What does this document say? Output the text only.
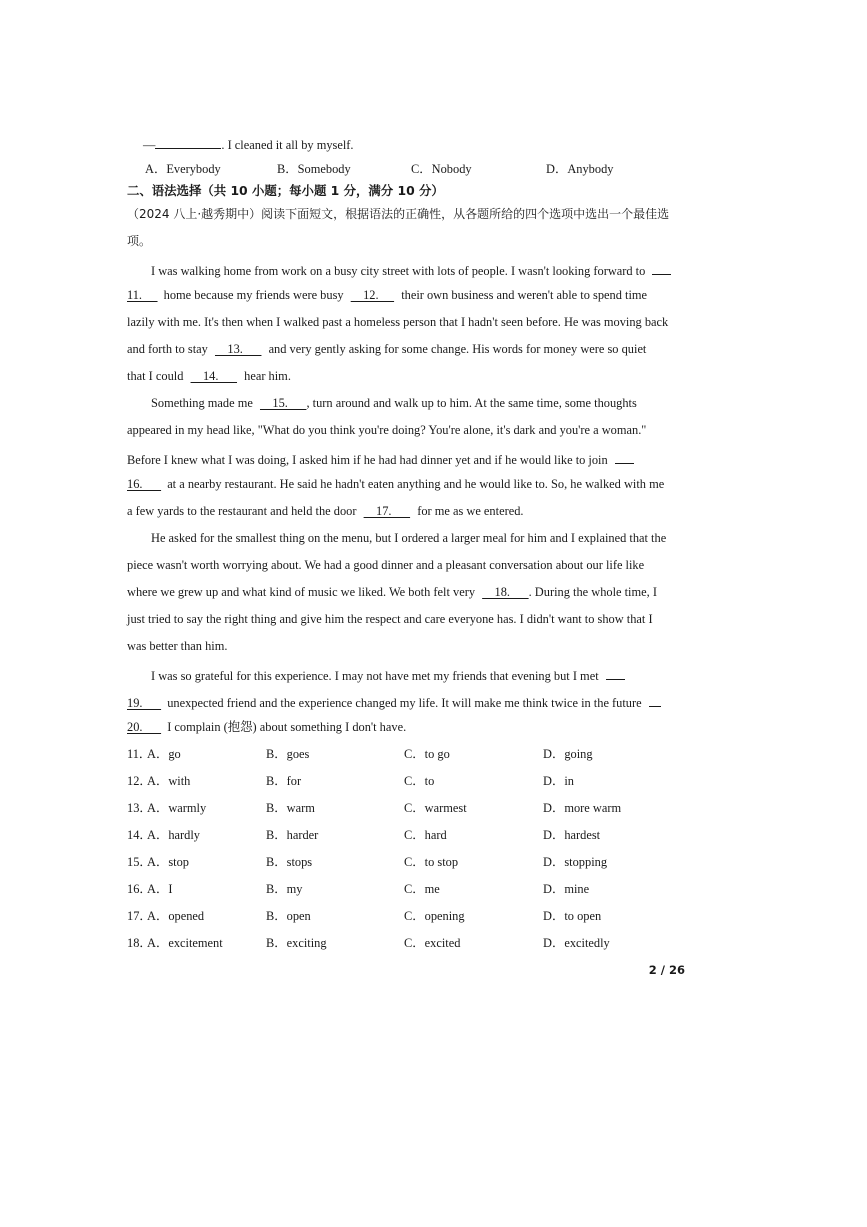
—	. I cleaned it all by myself.
A．Everybody	B．Somebody	C．Nobody	D．Anybody
二、语法选择（共 10 小题；每小题 1 分，满分 10 分）
（2024 八上·越秀期中）阅读下面短文，根据语法的正确性，从各题所给的四个选项中选出一个最佳选
项。
I was walking home from work on a busy city street with lots of people. I wasn't looking forward to
11.      home because my friends were busy     12.      their own business and weren't able to spend time
lazily with me. It's then when I walked past a homeless person that I hadn't seen before. He was moving back
and forth to stay     13.       and very gently asking for some change. His words for money were so quiet
that I could     14.       hear him.
Something made me     15.      , turn around and walk up to him. At the same time, some thoughts
appeared in my head like, "What do you think you're doing? You're alone, it's dark and you're a woman."
Before I knew what I was doing, I asked him if he had had dinner yet and if he would like to join
16.       at a nearby restaurant. He said he hadn't eaten anything and he would like to. So, he walked with me
a few yards to the restaurant and held the door     17.       for me as we entered.
He asked for the smallest thing on the menu, but I ordered a larger meal for him and I explained that the
piece wasn't worth worrying about. We had a good dinner and a pleasant conversation about our life like
where we grew up and what kind of music we liked. We both felt very     18.      . During the whole time, I
just tried to say the right thing and give him the respect and care everyone has. I didn't want to show that I
was better than him.
I was so grateful for this experience. I may not have met my friends that evening but I met
19.       unexpected friend and the experience changed my life. It will make me think twice in the future
20.       I complain (抱怨) about something I don't have.
11．
A．go	B．goes	C．to go	D．going
12．
A．with	B．for	C．to	D．in
13．
A．warmly	B．warm	C．warmest	D．more warm
14．
A．hardly	B．harder	C．hard	D．hardest
15．
A．stop	B．stops	C．to stop	D．stopping
16．
A．I	B．my	C．me	D．mine
17．
A．opened	B．open	C．opening	D．to open
18．
A．excitement	B．exciting	C．excited	D．excitedly
2 / 26
